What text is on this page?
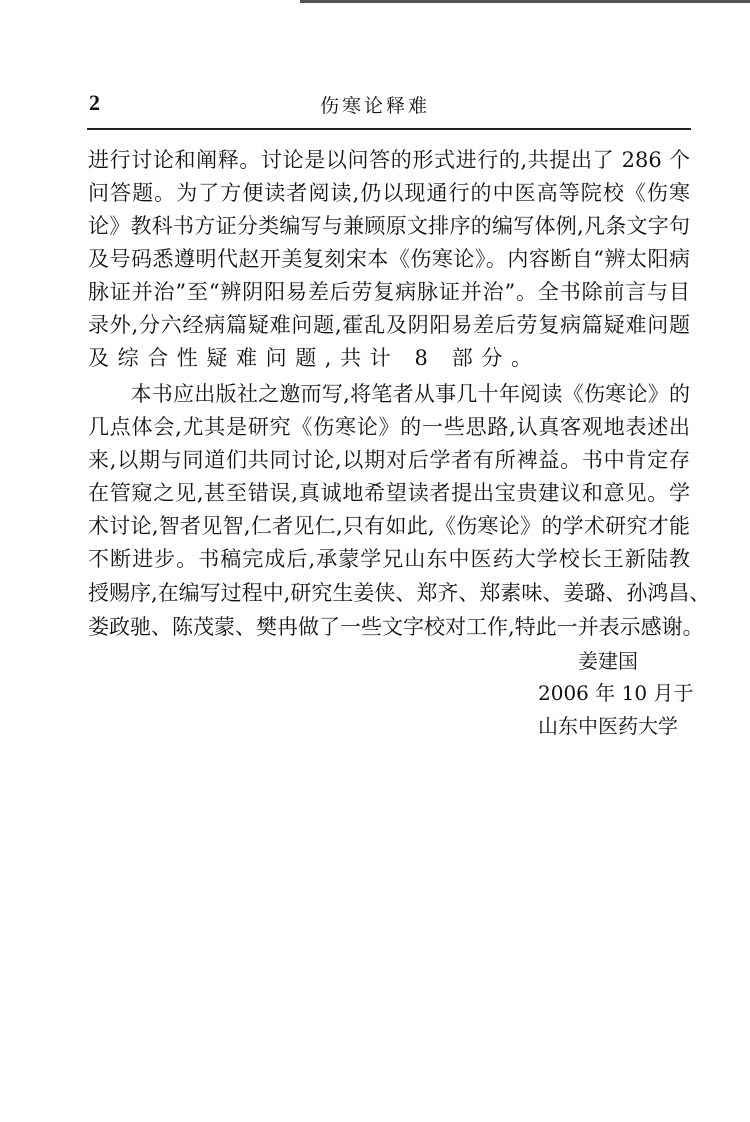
2	伤寒论释难
进行讨论和阐释。讨论是以问答的形式进行的,共提出了 286 个
问答题。为了方便读者阅读,仍以现通行的中医高等院校《伤寒
论》教科书方证分类编写与兼顾原文排序的编写体例,凡条文字句
及号码悉遵明代赵开美复刻宋本《伤寒论》。内容断自“辨太阳病
脉证并治”至“辨阴阳易差后劳复病脉证并治”。全书除前言与目
录外,分六经病篇疑难问题,霍乱及阴阳易差后劳复病篇疑难问题
及综合性疑难问题,共计 8 部分。
　　本书应出版社之邀而写,将笔者从事几十年阅读《伤寒论》的
几点体会,尤其是研究《伤寒论》的一些思路,认真客观地表述出
来,以期与同道们共同讨论,以期对后学者有所裨益。书中肯定存
在管窥之见,甚至错误,真诚地希望读者提出宝贵建议和意见。学
术讨论,智者见智,仁者见仁,只有如此,《伤寒论》的学术研究才能
不断进步。书稿完成后,承蒙学兄山东中医药大学校长王新陆教
授赐序,在编写过程中,研究生姜侠、郑齐、郑素味、姜璐、孙鸿昌、
娄政驰、陈茂蒙、樊冉做了一些文字校对工作,特此一并表示感谢。
姜建国
2006 年 10 月于
山东中医药大学
